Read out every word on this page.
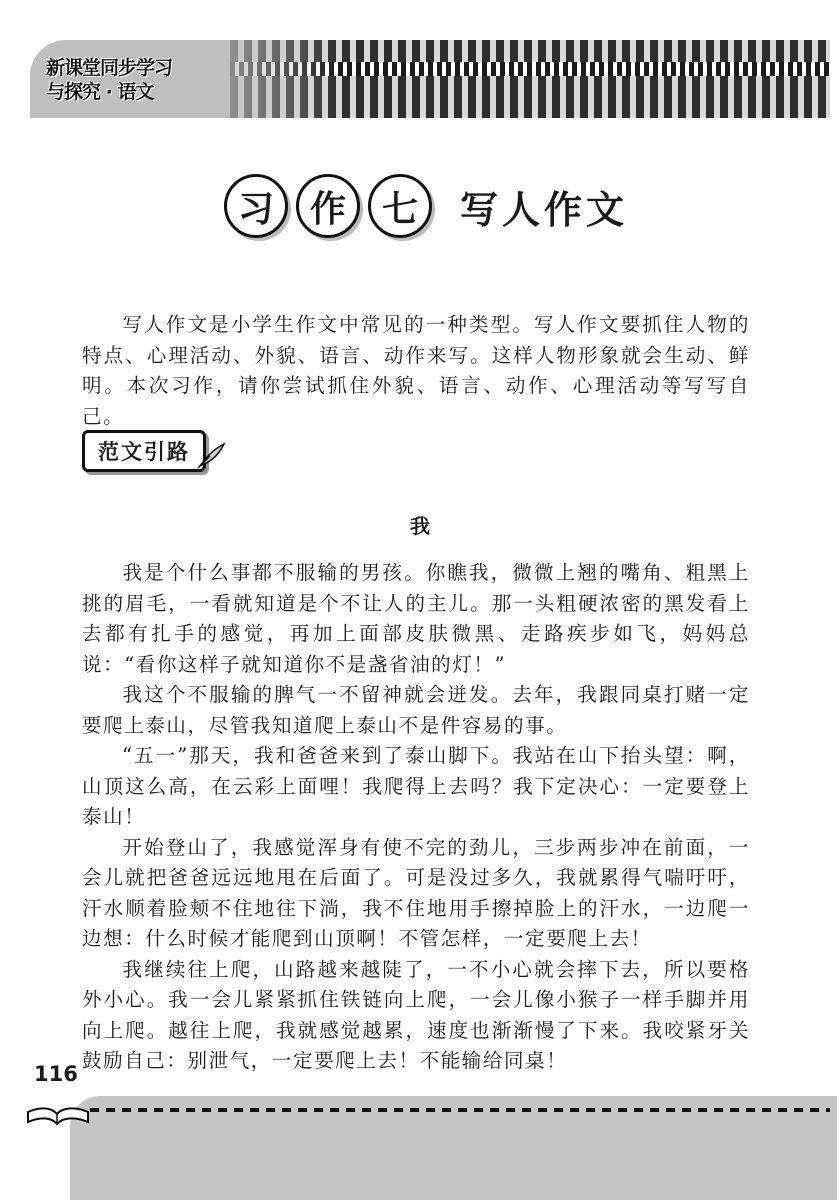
新课堂同步学习
与探究 · 语文
习 作 七	写人作文

写人作文是小学生作文中常见的一种类型。写人作文要抓住人物的特点、心理活动、外貌、语言、动作来写。这样人物形象就会生动、鲜明。本次习作，请你尝试抓住外貌、语言、动作、心理活动等写写自己。

范文引路
我

我是个什么事都不服输的男孩。你瞧我，微微上翘的嘴角、粗黑上挑的眉毛，一看就知道是个不让人的主儿。那一头粗硬浓密的黑发看上去都有扎手的感觉，再加上面部皮肤微黑、走路疾步如飞，妈妈总说：“看你这样子就知道你不是盏省油的灯！”

我这个不服输的脾气一不留神就会迸发。去年，我跟同桌打赌一定要爬上泰山，尽管我知道爬上泰山不是件容易的事。

“五一”那天，我和爸爸来到了泰山脚下。我站在山下抬头望：啊，山顶这么高，在云彩上面哩！我爬得上去吗？我下定决心：一定要登上泰山！

开始登山了，我感觉浑身有使不完的劲儿，三步两步冲在前面，一会儿就把爸爸远远地甩在后面了。可是没过多久，我就累得气喘吁吁，汗水顺着脸颊不住地往下淌，我不住地用手擦掉脸上的汗水，一边爬一边想：什么时候才能爬到山顶啊！不管怎样，一定要爬上去！

我继续往上爬，山路越来越陡了，一不小心就会摔下去，所以要格外小心。我一会儿紧紧抓住铁链向上爬，一会儿像小猴子一样手脚并用向上爬。越往上爬，我就感觉越累，速度也渐渐慢了下来。我咬紧牙关鼓励自己：别泄气，一定要爬上去！不能输给同桌！

116
